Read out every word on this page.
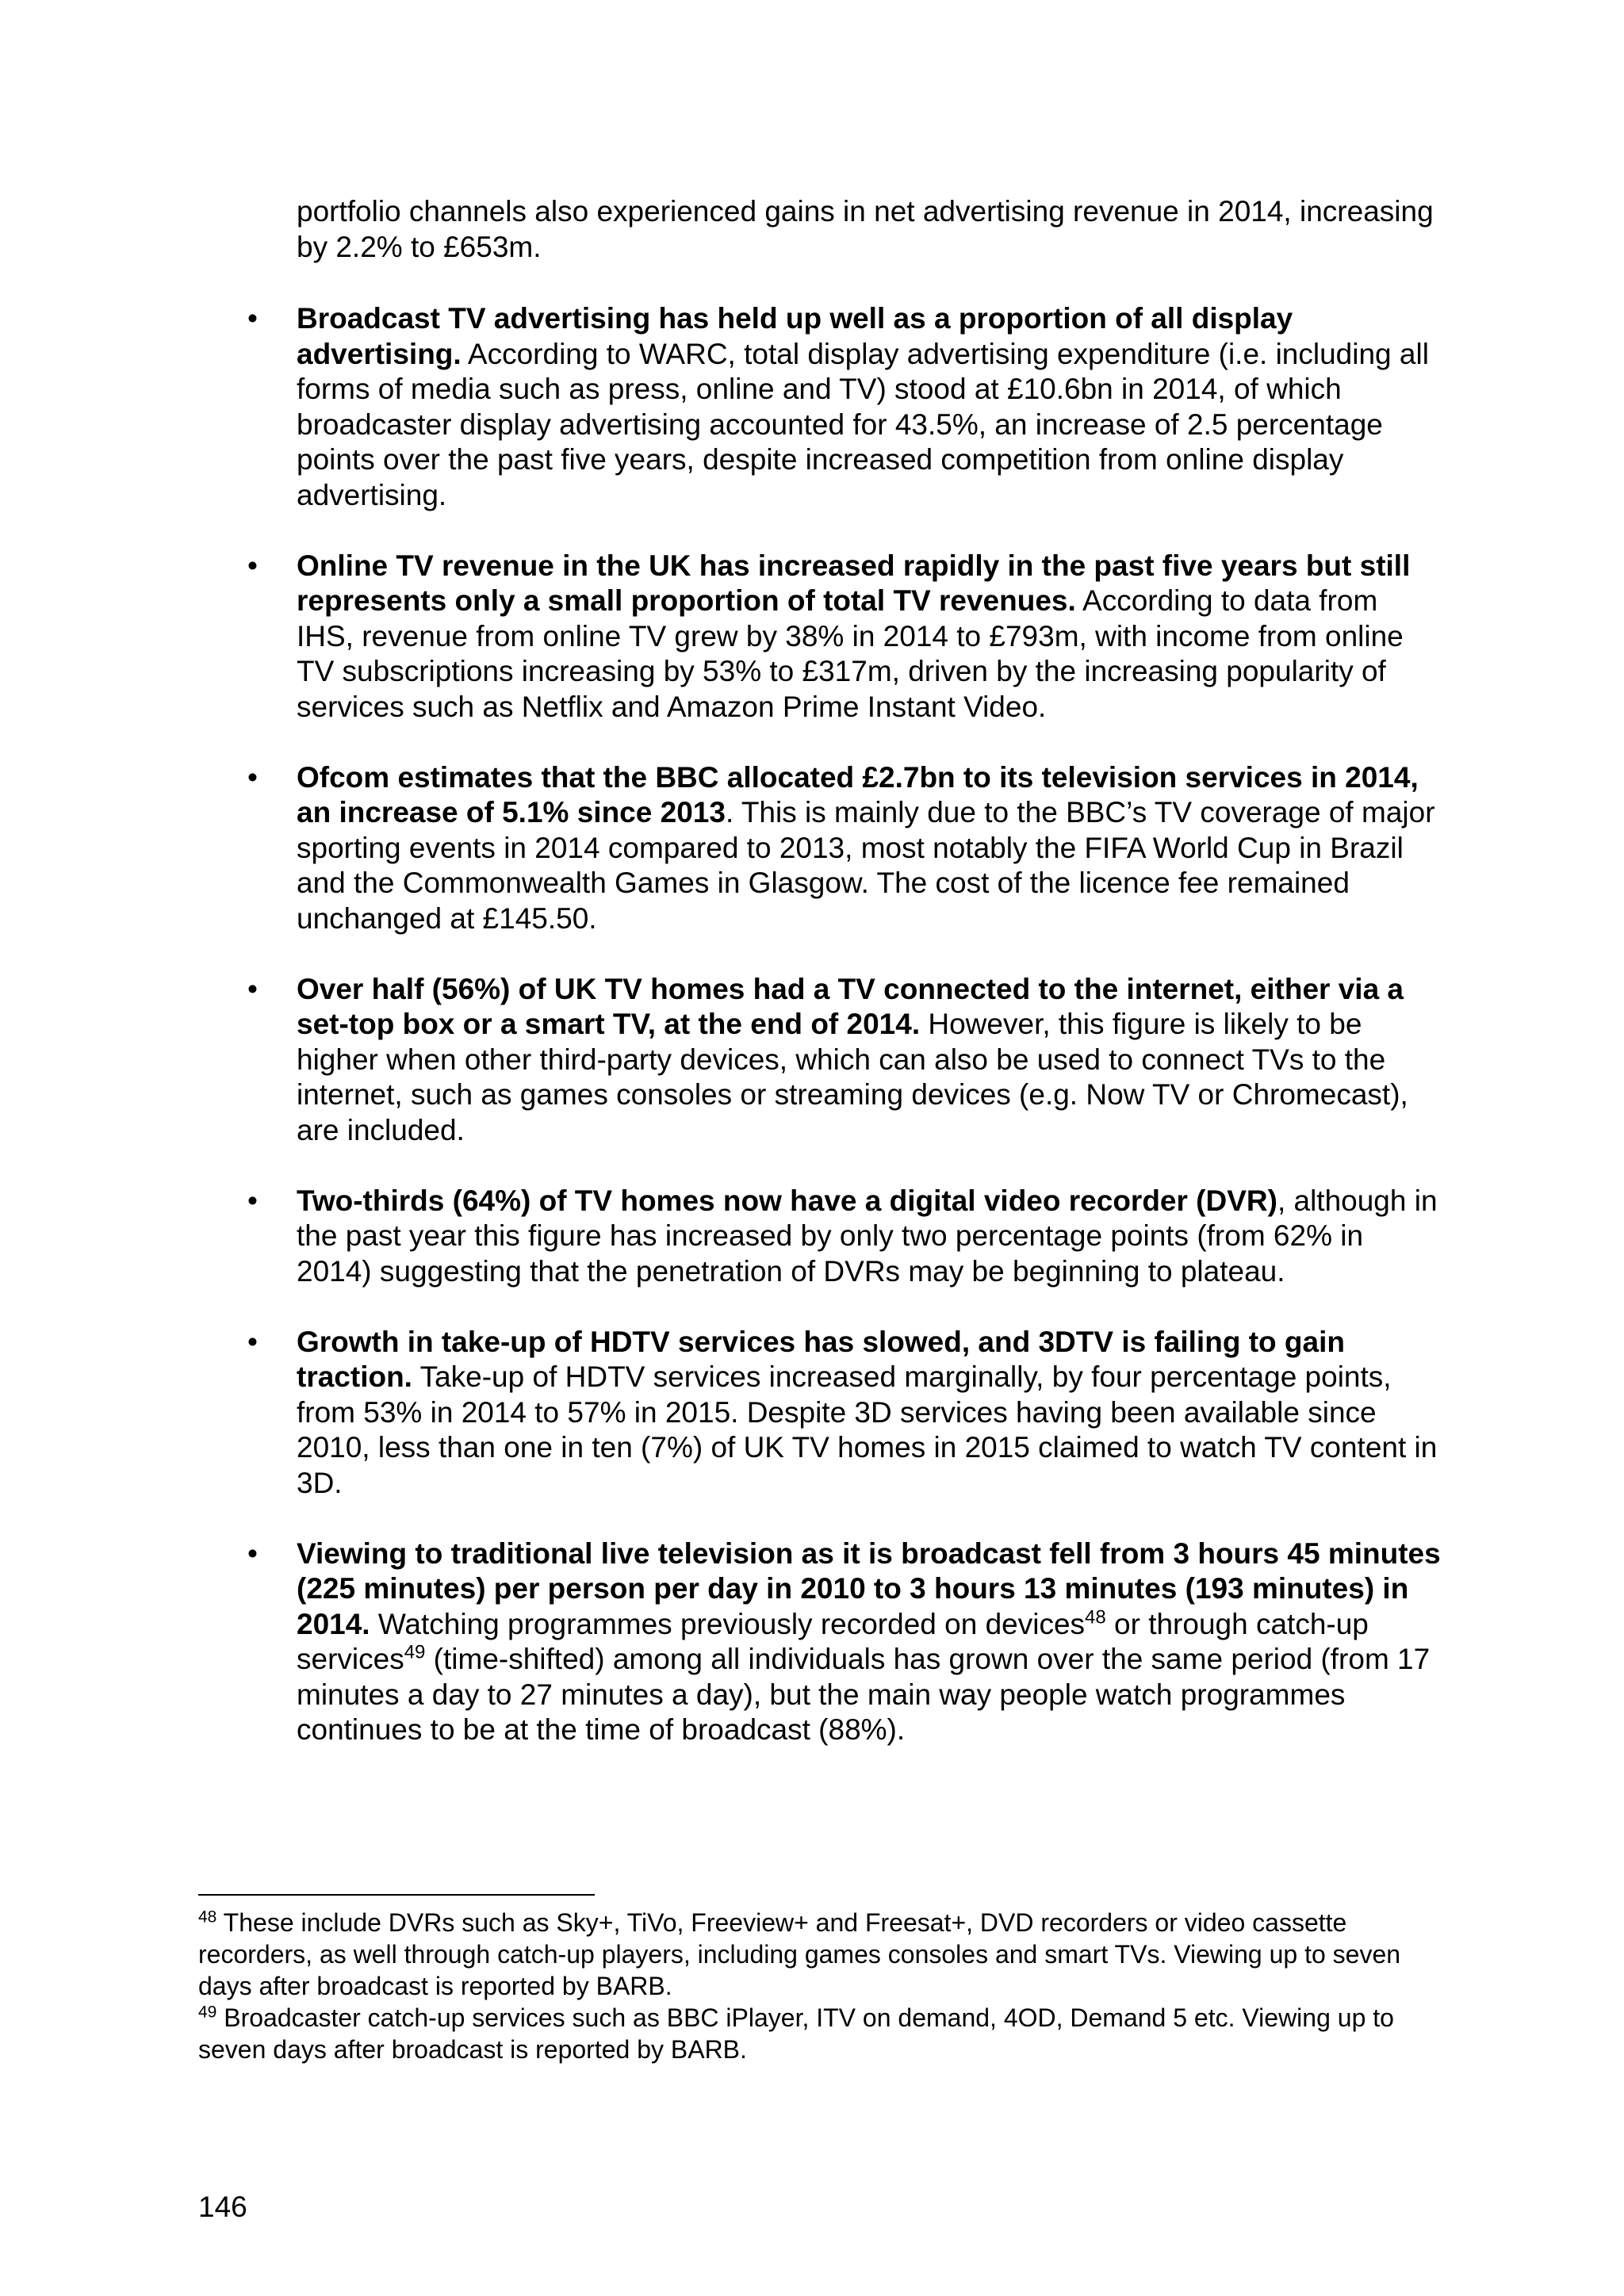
portfolio channels also experienced gains in net advertising revenue in 2014, increasing by 2.2% to £653m.

• Broadcast TV advertising has held up well as a proportion of all display advertising. According to WARC, total display advertising expenditure (i.e. including all forms of media such as press, online and TV) stood at £10.6bn in 2014, of which broadcaster display advertising accounted for 43.5%, an increase of 2.5 percentage points over the past five years, despite increased competition from online display advertising.
• Online TV revenue in the UK has increased rapidly in the past five years but still represents only a small proportion of total TV revenues. According to data from IHS, revenue from online TV grew by 38% in 2014 to £793m, with income from online TV subscriptions increasing by 53% to £317m, driven by the increasing popularity of services such as Netflix and Amazon Prime Instant Video.
• Ofcom estimates that the BBC allocated £2.7bn to its television services in 2014, an increase of 5.1% since 2013. This is mainly due to the BBC’s TV coverage of major sporting events in 2014 compared to 2013, most notably the FIFA World Cup in Brazil and the Commonwealth Games in Glasgow. The cost of the licence fee remained unchanged at £145.50.
• Over half (56%) of UK TV homes had a TV connected to the internet, either via a set-top box or a smart TV, at the end of 2014. However, this figure is likely to be higher when other third-party devices, which can also be used to connect TVs to the internet, such as games consoles or streaming devices (e.g. Now TV or Chromecast), are included.
• Two-thirds (64%) of TV homes now have a digital video recorder (DVR), although in the past year this figure has increased by only two percentage points (from 62% in 2014) suggesting that the penetration of DVRs may be beginning to plateau.
• Growth in take-up of HDTV services has slowed, and 3DTV is failing to gain traction. Take-up of HDTV services increased marginally, by four percentage points, from 53% in 2014 to 57% in 2015. Despite 3D services having been available since 2010, less than one in ten (7%) of UK TV homes in 2015 claimed to watch TV content in 3D.
• Viewing to traditional live television as it is broadcast fell from 3 hours 45 minutes (225 minutes) per person per day in 2010 to 3 hours 13 minutes (193 minutes) in 2014. Watching programmes previously recorded on devices$^{48}$ or through catch-up services$^{49}$ (time-shifted) among all individuals has grown over the same period (from 17 minutes a day to 27 minutes a day), but the main way people watch programmes continues to be at the time of broadcast (88%).

$^{48}$ These include DVRs such as Sky+, TiVo, Freeview+ and Freesat+, DVD recorders or video cassette recorders, as well through catch-up players, including games consoles and smart TVs. Viewing up to seven days after broadcast is reported by BARB.

$^{49}$ Broadcaster catch-up services such as BBC iPlayer, ITV on demand, 4OD, Demand 5 etc. Viewing up to seven days after broadcast is reported by BARB.

146
